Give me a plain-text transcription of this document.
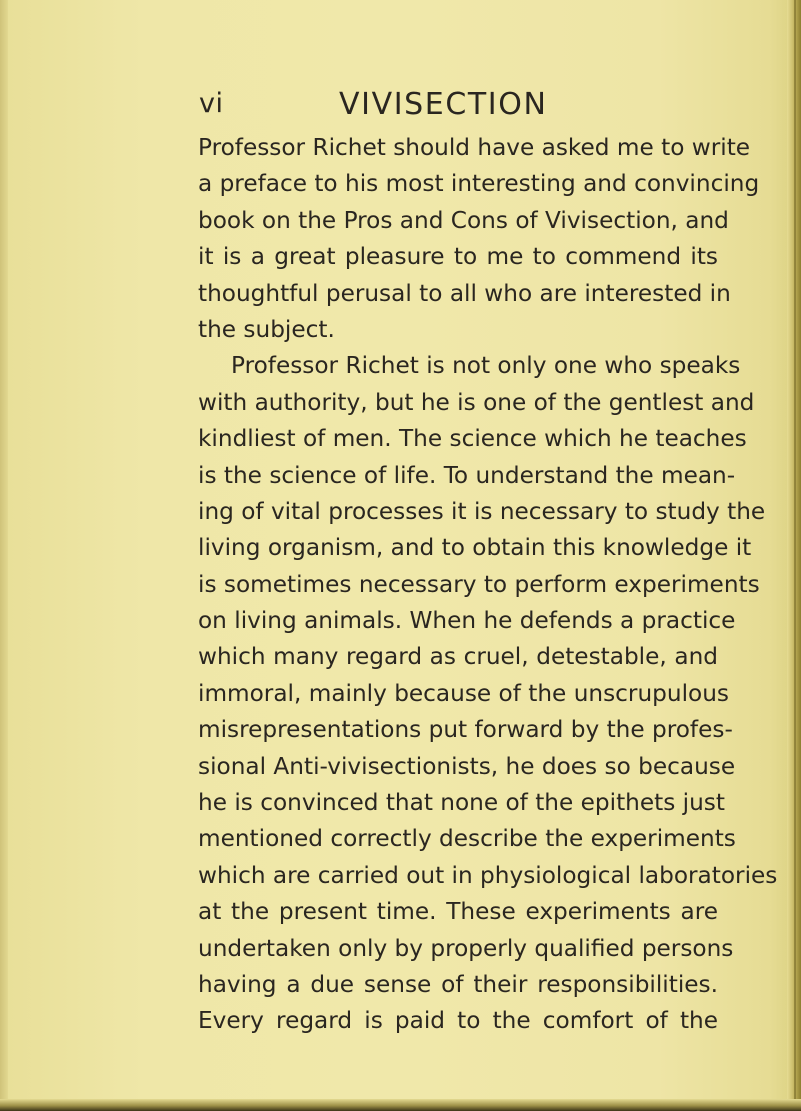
vi	VIVISECTION
Professor Richet should have asked me to write
a preface to his most interesting and convincing
book on the Pros and Cons of Vivisection, and
it is a great pleasure to me to commend its
thoughtful perusal to all who are interested in
the subject.
Professor Richet is not only one who speaks
with authority, but he is one of the gentlest and
kindliest of men. The science which he teaches
is the science of life. To understand the mean-
ing of vital processes it is necessary to study the
living organism, and to obtain this knowledge it
is sometimes necessary to perform experiments
on living animals. When he defends a practice
which many regard as cruel, detestable, and
immoral, mainly because of the unscrupulous
misrepresentations put forward by the profes-
sional Anti-vivisectionists, he does so because
he is convinced that none of the epithets just
mentioned correctly describe the experiments
which are carried out in physiological laboratories
at the present time. These experiments are
undertaken only by properly qualified persons
having a due sense of their responsibilities.
Every regard is paid to the comfort of the
